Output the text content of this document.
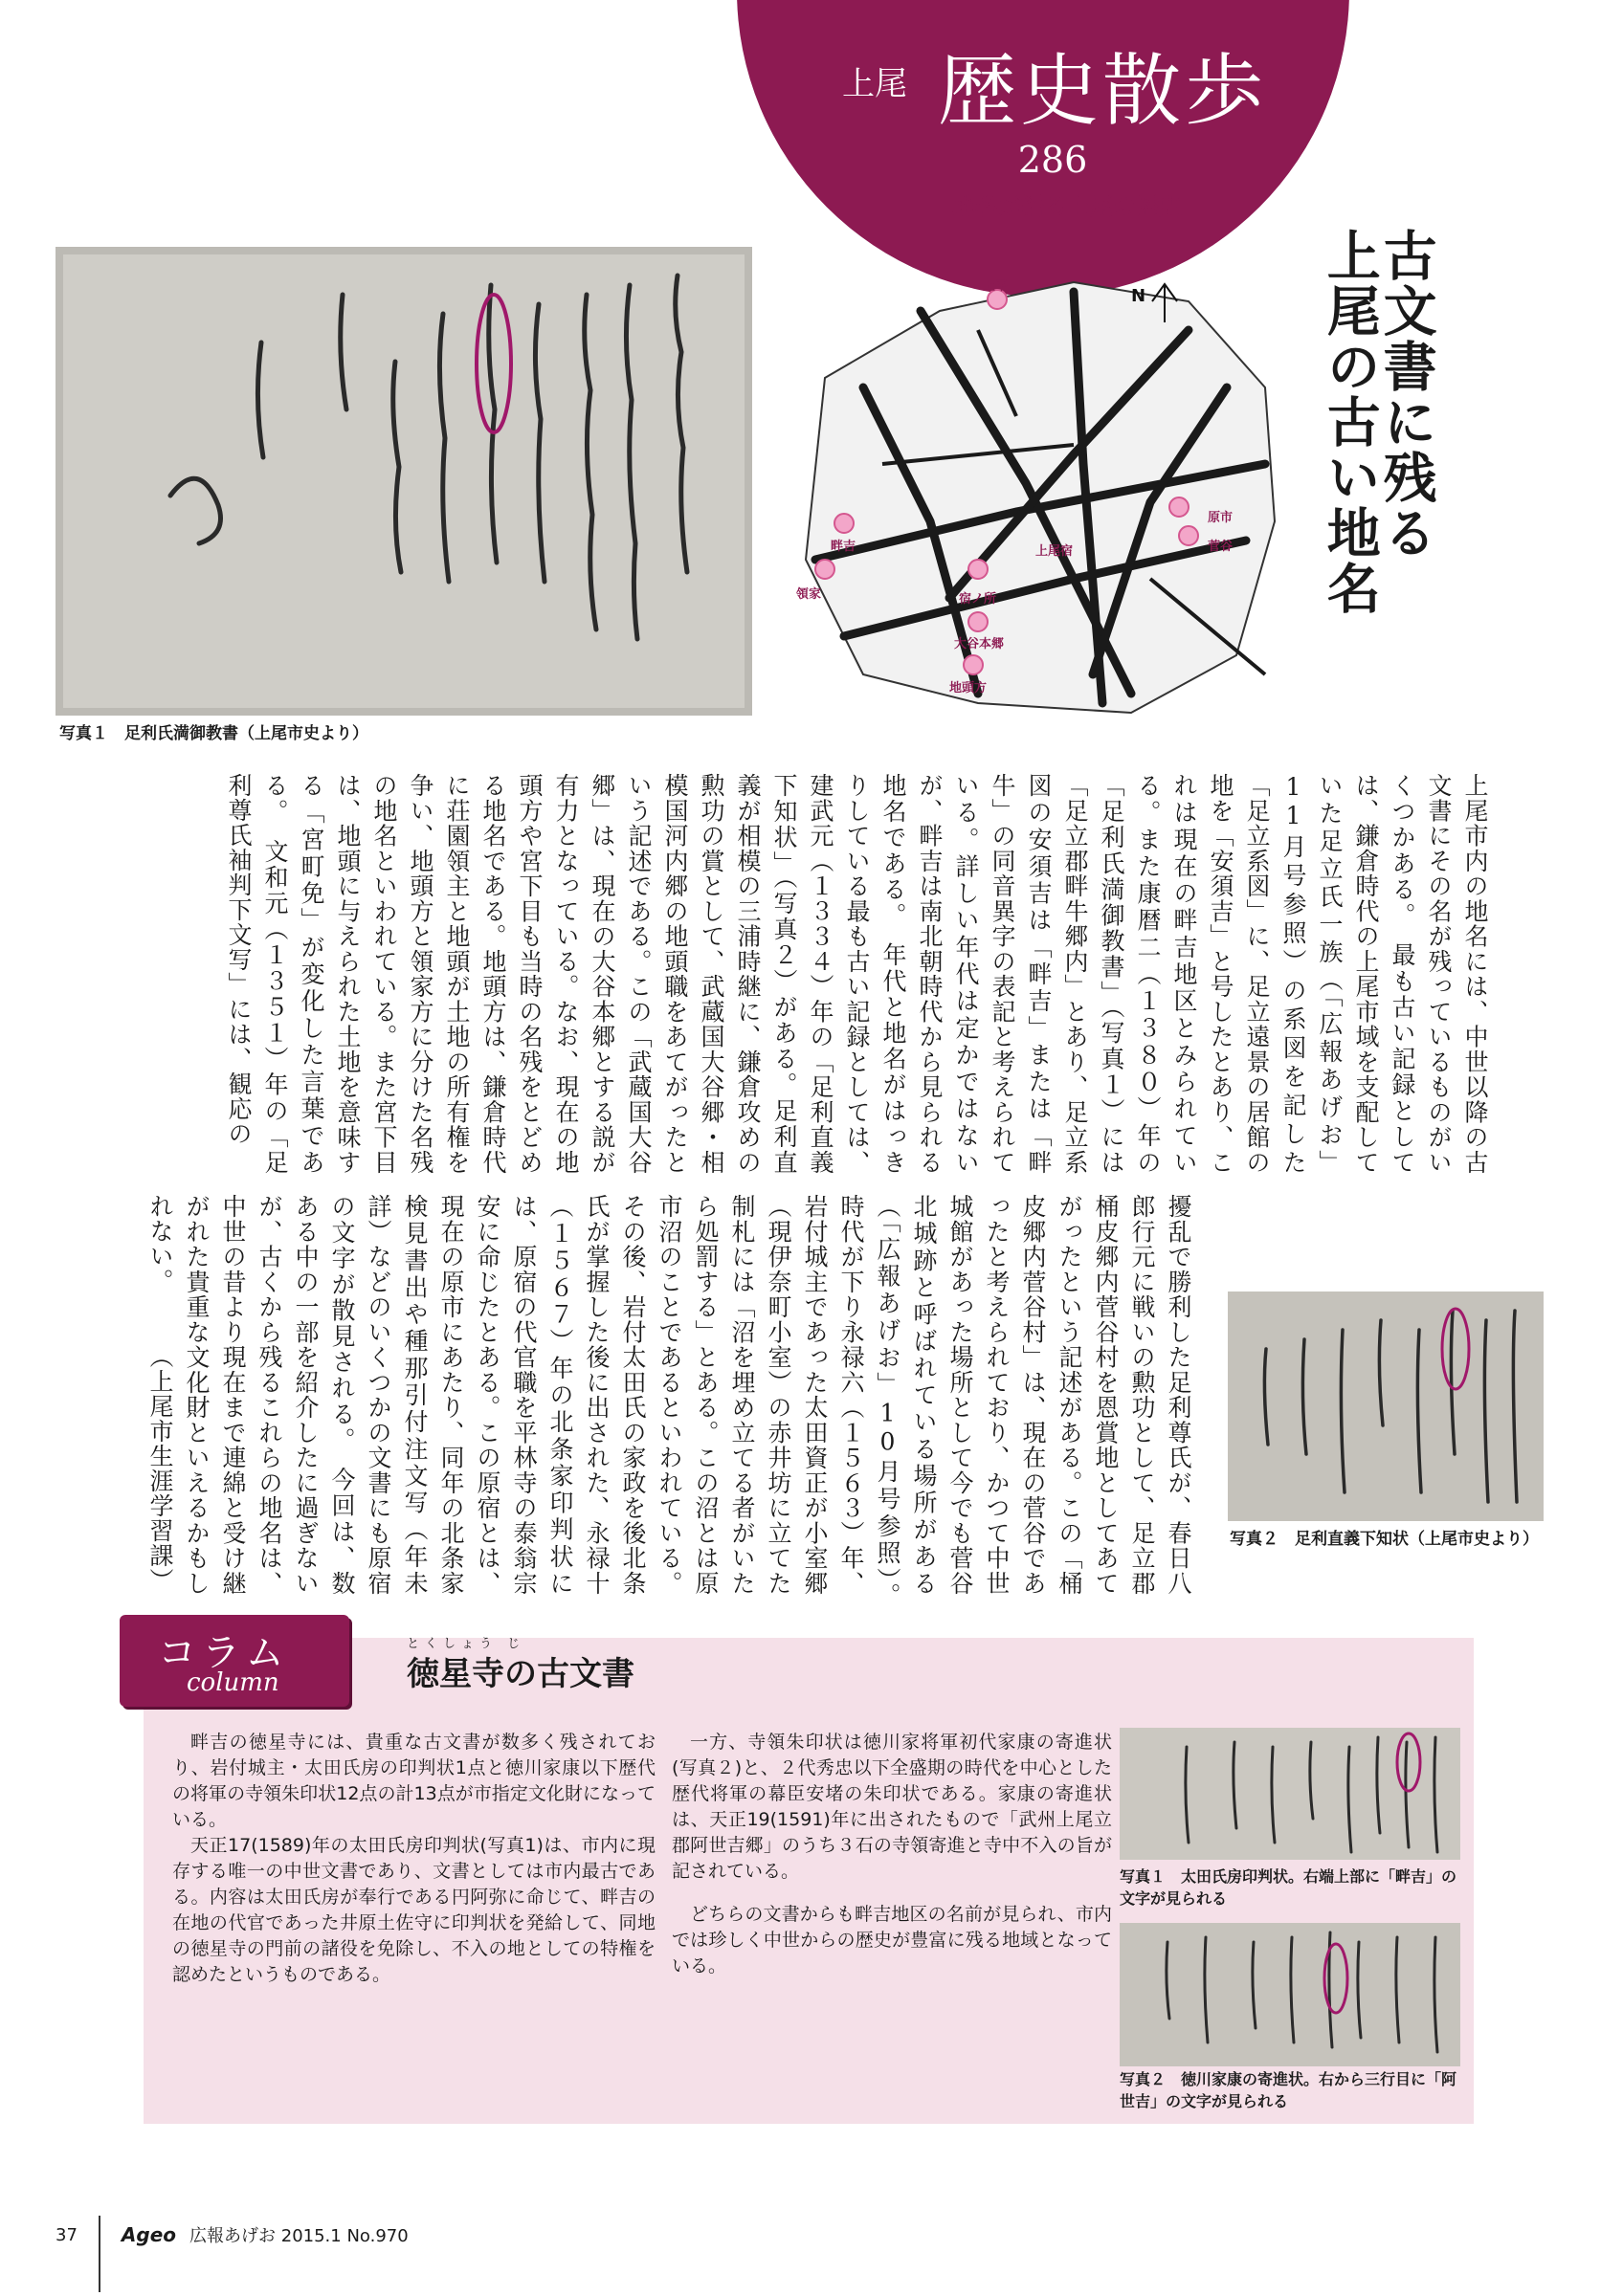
上尾 歴史散歩
286
地名が語る上尾の歴史
古文書に残る　上尾の古い地名
写真１　足利氏満御教書（上尾市史より）
畔吉
領家	宿ノ所
大谷本郷
地頭方
上尾宿
原市
菅谷
上平	N
上尾市内の地名には、中世以降の古文書にその名が残っているものがいくつかある。　最も古い記録としては、鎌倉時代の上尾市域を支配していた足立氏一族（「広報あげお」11月号参照）の系図を記した「足立系図」に、足立遠景の居館の地を「安須吉」と号したとあり、これは現在の畔吉地区とみられている。また康暦二（１３８０）年の「足利氏満御教書」（写真１）には「足立郡畔牛郷内」とあり、足立系図の安須吉は「畔吉」または「畔牛」の同音異字の表記と考えられている。詳しい年代は定かではないが、畔吉は南北朝時代から見られる地名である。　年代と地名がはっきりしている最も古い記録としては、建武元（１３３４）年の「足利直義下知状」（写真２）がある。足利直義が相模の三浦時継に、鎌倉攻めの勲功の賞として、武蔵国大谷郷・相模国河内郷の地頭職をあてがったという記述である。この「武蔵国大谷郷」は、現在の大谷本郷とする説が有力となっている。なお、現在の地頭方や宮下目も当時の名残をとどめる地名である。地頭方は、鎌倉時代に荘園領主と地頭が土地の所有権を争い、地頭方と領家方に分けた名残の地名といわれている。また宮下目は、地頭に与えられた土地を意味する「宮町免」が変化した言葉である。　文和元（１３５１）年の「足利尊氏袖判下文写」には、観応の
擾乱で勝利した足利尊氏が、春日八郎行元に戦いの勲功として、足立郡桶皮郷内菅谷村を恩賞地としてあてがったという記述がある。この「桶皮郷内菅谷村」は、現在の菅谷であったと考えられており、かつて中世城館があった場所として今でも菅谷北城跡と呼ばれている場所がある（「広報あげお」10月号参照）。　時代が下り永禄六（１５６３）年、岩付城主であった太田資正が小室郷（現伊奈町小室）の赤井坊に立てた制札には「沼を埋め立てる者がいたら処罰する」とある。この沼とは原市沼のことであるといわれている。その後、岩付太田氏の家政を後北条氏が掌握した後に出された、永禄十（１５６７）年の北条家印判状には、原宿の代官職を平林寺の泰翁宗安に命じたとある。この原宿とは、現在の原市にあたり、同年の北条家検見書出や種那引付注文写（年未詳）などのいくつかの文書にも原宿の文字が散見される。　今回は、数ある中の一部を紹介したに過ぎないが、古くから残るこれらの地名は、中世の昔より現在まで連綿と受け継がれた貴重な文化財といえるかもしれない。　　　（上尾市生涯学習課）	写真２　足利直義下知状（上尾市史より）
コラム
column
とくしょう じ
徳星寺の古文書

畔吉の徳星寺には、貴重な古文書が数多く残されており、岩付城主・太田氏房の印判状1点と徳川家康以下歴代の将軍の寺領朱印状12点の計13点が市指定文化財になっている。

天正17(1589)年の太田氏房印判状(写真1)は、市内に現存する唯一の中世文書であり、文書としては市内最古である。内容は太田氏房が奉行である円阿弥に命じて、畔吉の在地の代官であった井原土佐守に印判状を発給して、同地の徳星寺の門前の諸役を免除し、不入の地としての特権を認めたというものである。

一方、寺領朱印状は徳川家将軍初代家康の寄進状(写真２)と、２代秀忠以下全盛期の時代を中心とした歴代将軍の幕臣安堵の朱印状である。家康の寄進状は、天正19(1591)年に出されたもので「武州上尾立郡阿世吉郷」のうち３石の寺領寄進と寺中不入の旨が記されている。

どちらの文書からも畔吉地区の名前が見られ、市内では珍しく中世からの歴史が豊富に残る地域となっている。

写真１　太田氏房印判状。右端上部に「畔吉」の文字が見られる
写真２　徳川家康の寄進状。右から三行目に「阿世吉」の文字が見られる
37 Ageo 広報あげお 2015.1 No.970
